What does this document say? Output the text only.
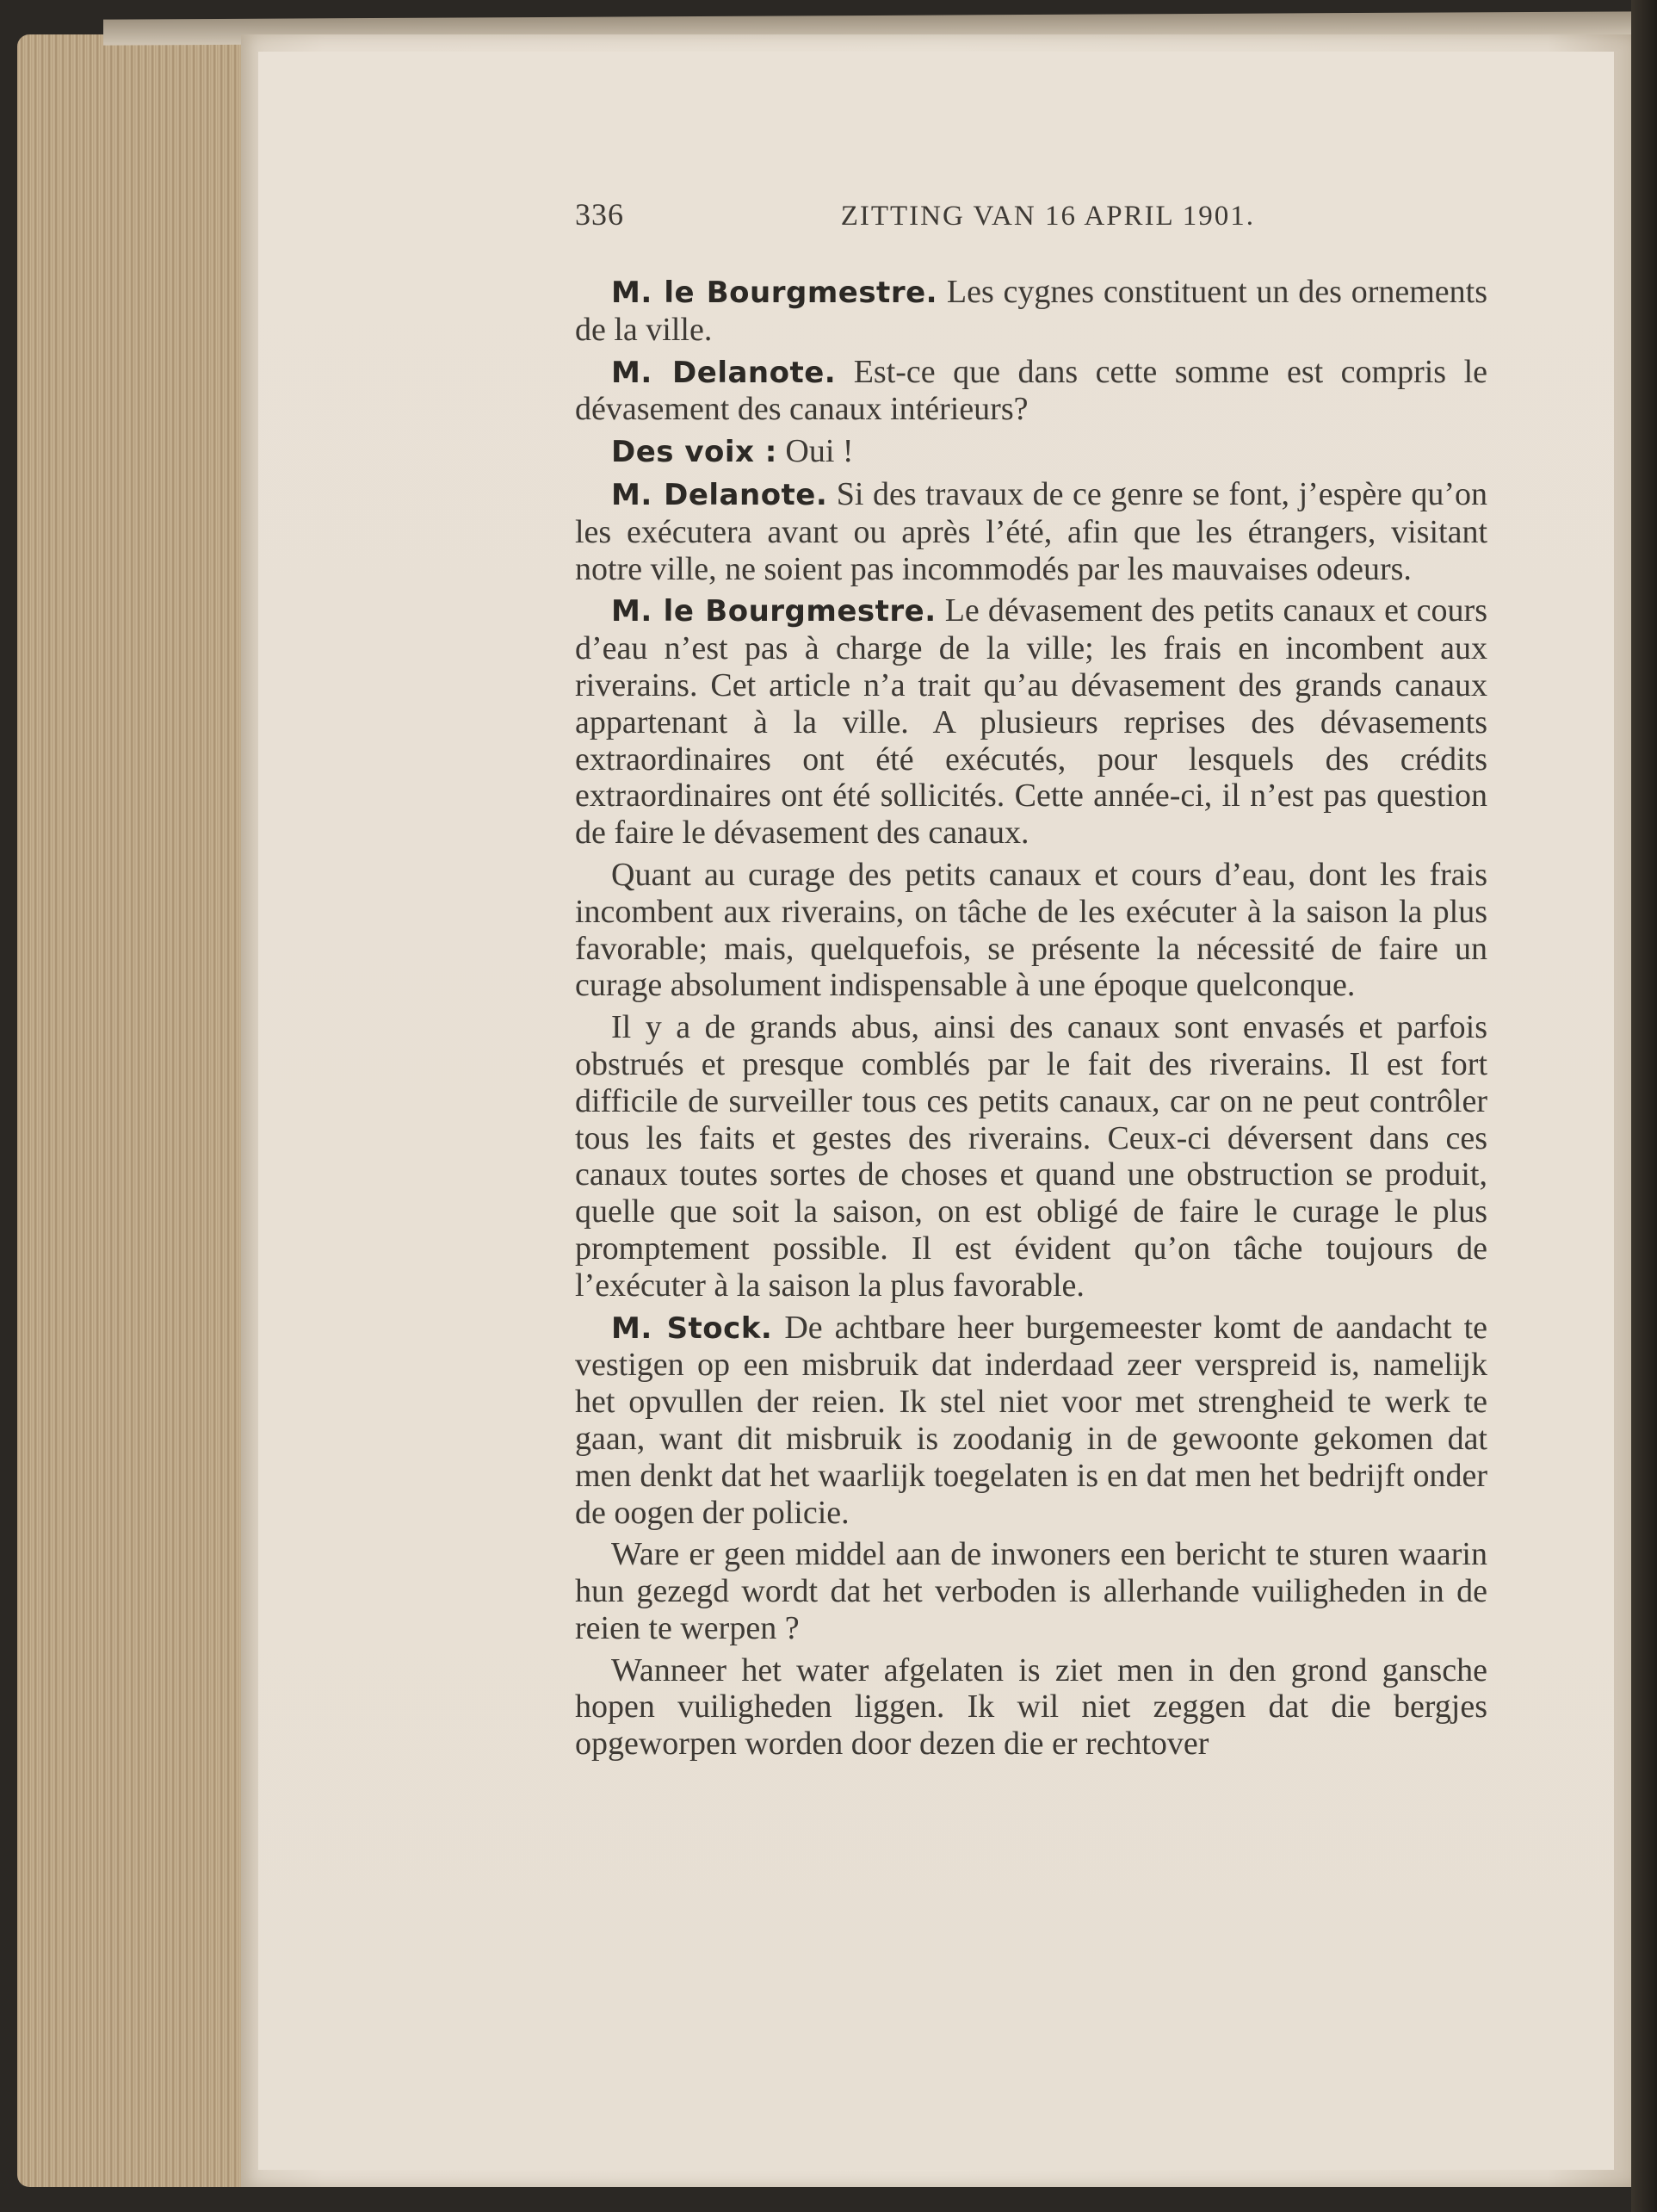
336	ZITTING VAN 16 APRIL 1901.

M. le Bourgmestre. Les cygnes constituent un des ornements de la ville.

M. Delanote. Est-ce que dans cette somme est compris le dévasement des canaux intérieurs?

Des voix : Oui !

M. Delanote. Si des travaux de ce genre se font, j’espère qu’on les exécutera avant ou après l’été, afin que les étrangers, visitant notre ville, ne soient pas incommodés par les mauvaises odeurs.

M. le Bourgmestre. Le dévasement des petits canaux et cours d’eau n’est pas à charge de la ville; les frais en incombent aux riverains. Cet article n’a trait qu’au dévasement des grands canaux appartenant à la ville. A plusieurs reprises des dévasements extraordinaires ont été exécutés, pour lesquels des crédits extraordinaires ont été sollicités. Cette année-ci, il n’est pas question de faire le dévasement des canaux.

Quant au curage des petits canaux et cours d’eau, dont les frais incombent aux riverains, on tâche de les exécuter à la saison la plus favorable; mais, quelquefois, se présente la nécessité de faire un curage absolument indispensable à une époque quelconque.

Il y a de grands abus, ainsi des canaux sont envasés et parfois obstrués et presque comblés par le fait des riverains. Il est fort difficile de surveiller tous ces petits canaux, car on ne peut contrôler tous les faits et gestes des riverains. Ceux-ci déversent dans ces canaux toutes sortes de choses et quand une obstruction se produit, quelle que soit la saison, on est obligé de faire le curage le plus promptement possible. Il est évident qu’on tâche toujours de l’exécuter à la saison la plus favorable.

M. Stock. De achtbare heer burgemeester komt de aandacht te vestigen op een misbruik dat inderdaad zeer verspreid is, namelijk het opvullen der reien. Ik stel niet voor met strengheid te werk te gaan, want dit misbruik is zoodanig in de gewoonte gekomen dat men denkt dat het waarlijk toegelaten is en dat men het bedrijft onder de oogen der policie.

Ware er geen middel aan de inwoners een bericht te sturen waarin hun gezegd wordt dat het verboden is allerhande vuiligheden in de reien te werpen ?

Wanneer het water afgelaten is ziet men in den grond gansche hopen vuiligheden liggen. Ik wil niet zeggen dat die bergjes opgeworpen worden door dezen die er rechtover
